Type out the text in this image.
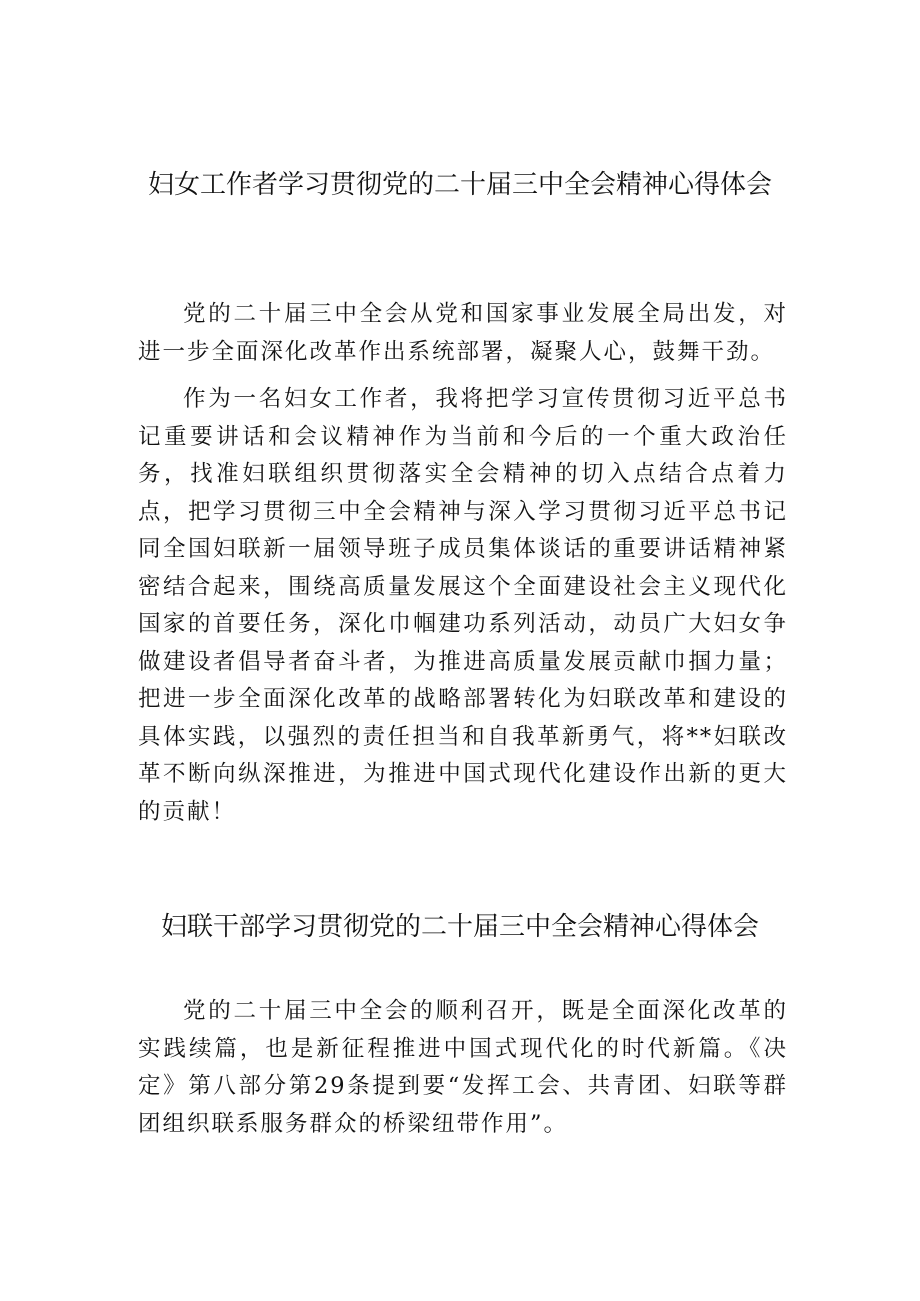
妇女工作者学习贯彻党的二十届三中全会精神心得体会

党的二十届三中全会从党和国家事业发展全局出发，对进一步全面深化改革作出系统部署，凝聚人心，鼓舞干劲。

作为一名妇女工作者，我将把学习宣传贯彻习近平总书记重要讲话和会议精神作为当前和今后的一个重大政治任务，找准妇联组织贯彻落实全会精神的切入点结合点着力点，把学习贯彻三中全会精神与深入学习贯彻习近平总书记同全国妇联新一届领导班子成员集体谈话的重要讲话精神紧密结合起来，围绕高质量发展这个全面建设社会主义现代化国家的首要任务，深化巾帼建功系列活动，动员广大妇女争做建设者倡导者奋斗者，为推进高质量发展贡献巾掴力量；把进一步全面深化改革的战略部署转化为妇联改革和建设的具体实践，以强烈的责任担当和自我革新勇气，将**妇联改革不断向纵深推进，为推进中国式现代化建设作出新的更大的贡献！

妇联干部学习贯彻党的二十届三中全会精神心得体会

党的二十届三中全会的顺利召开，既是全面深化改革的实践续篇，也是新征程推进中国式现代化的时代新篇。《决定》第八部分第29条提到要“发挥工会、共青团、妇联等群团组织联系服务群众的桥梁纽带作用”。
